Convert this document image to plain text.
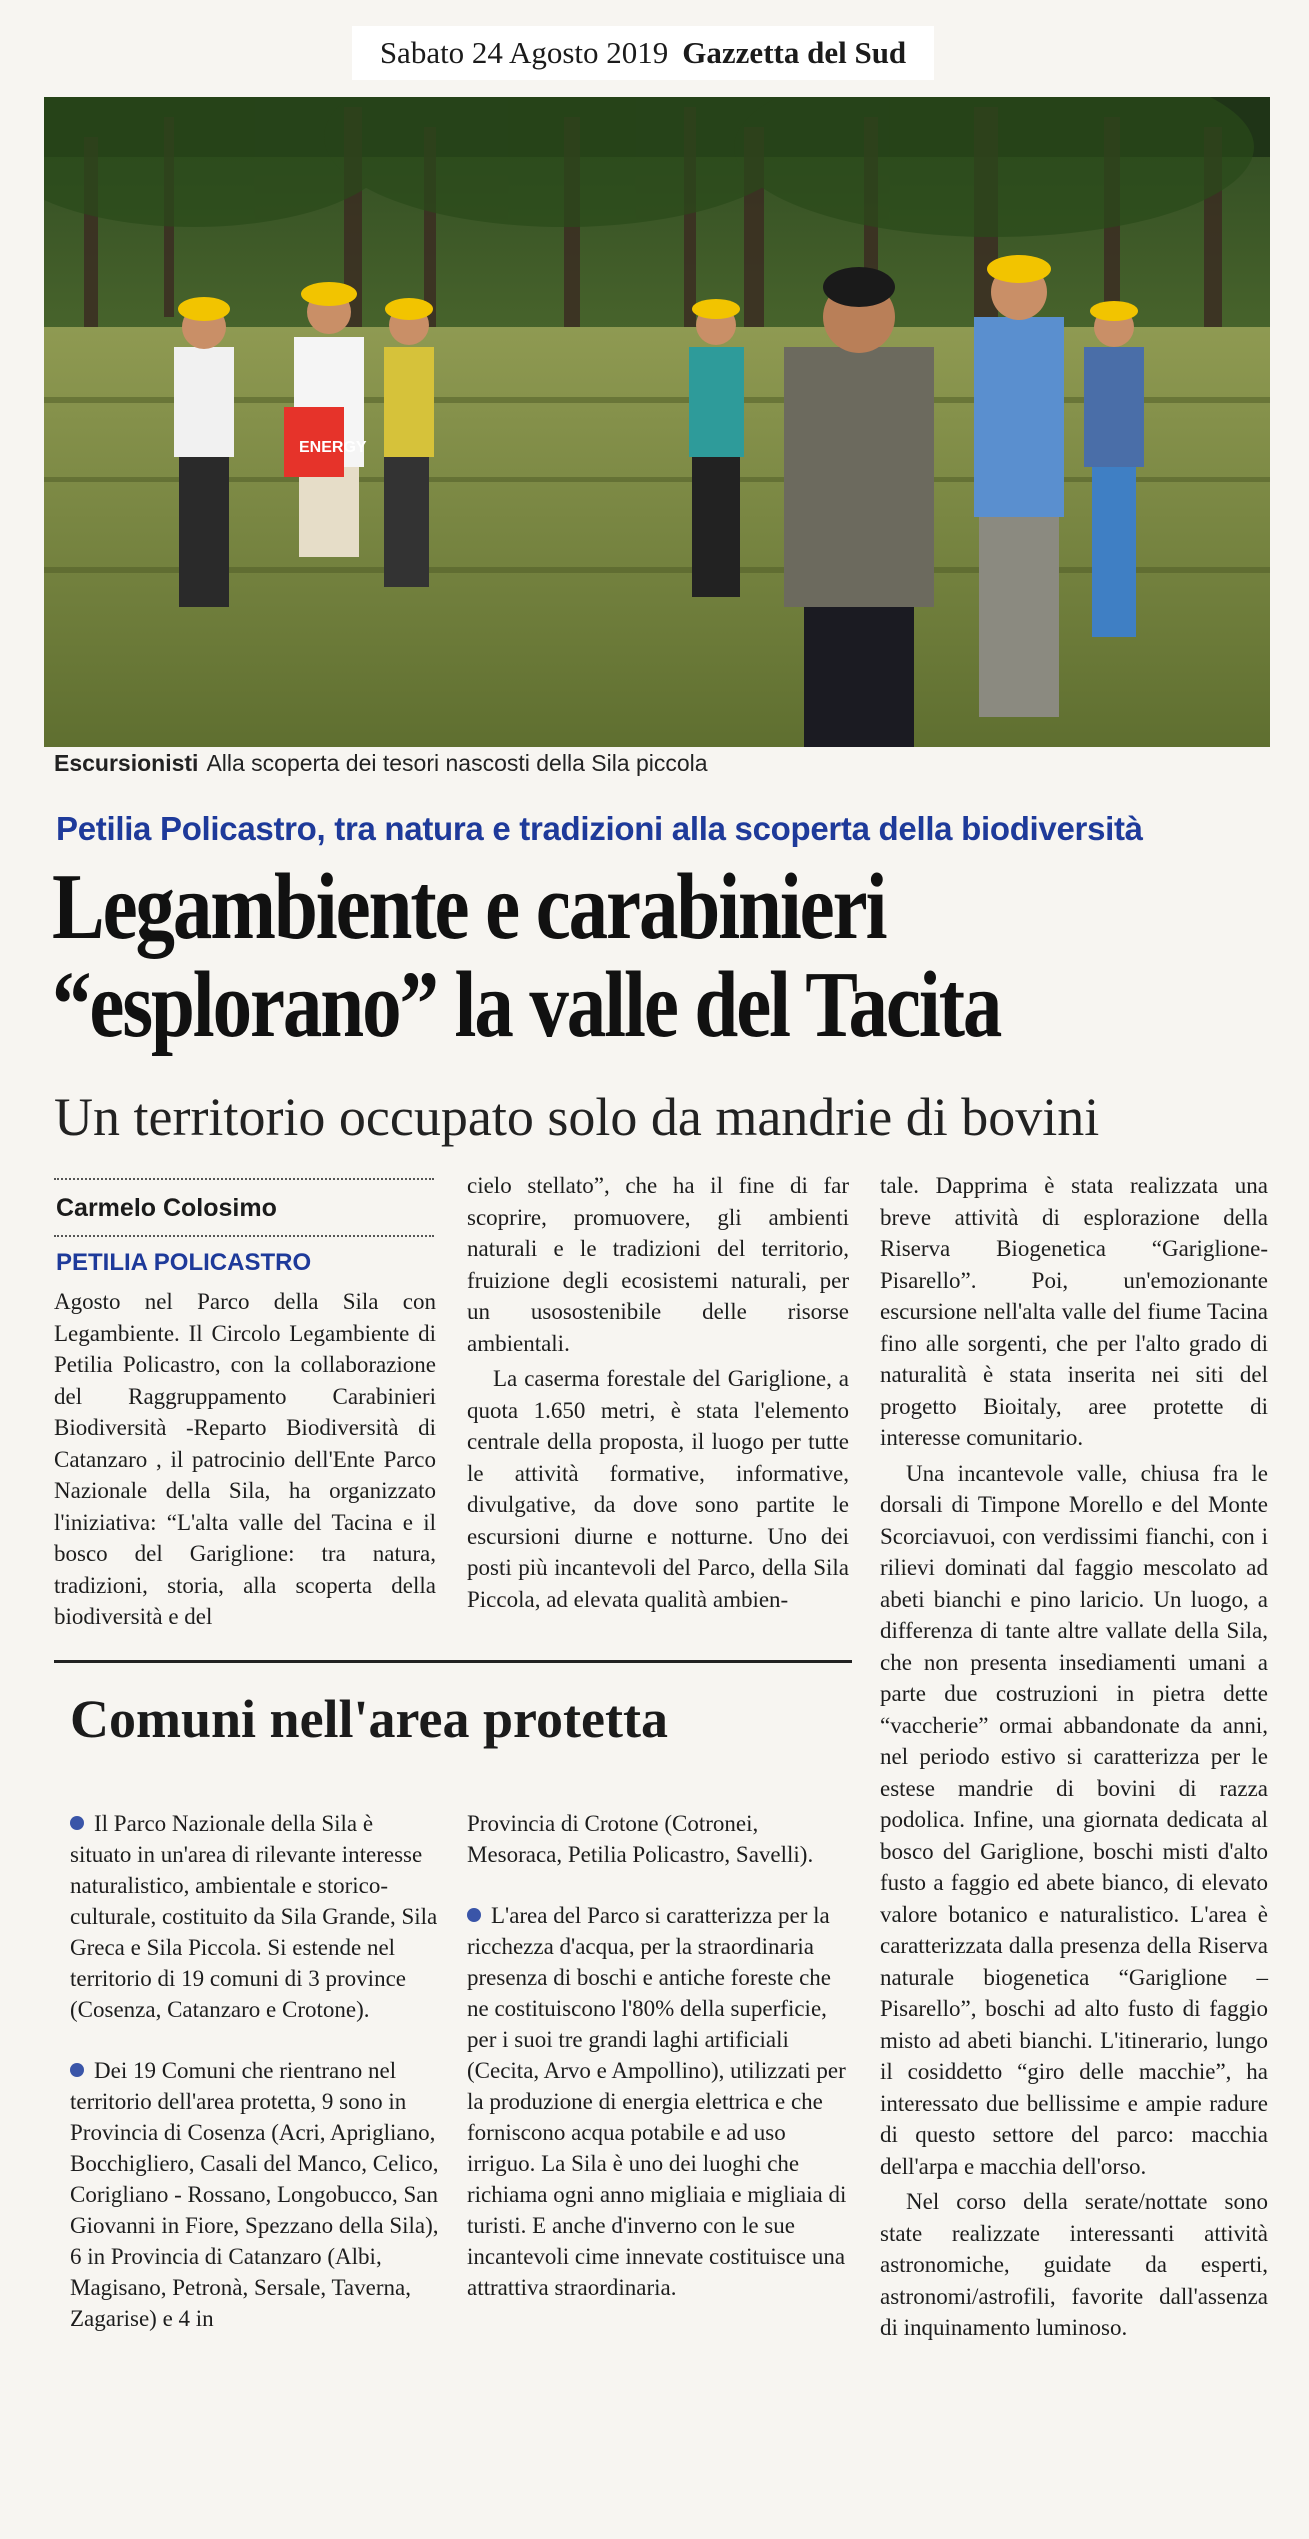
Sabato 24 Agosto 2019 Gazzetta del Sud
ENERGY
Escursionisti Alla scoperta dei tesori nascosti della Sila piccola
Petilia Policastro, tra natura e tradizioni alla scoperta della biodiversità
Legambiente e carabinieri
“esplorano” la valle del Tacita
Un territorio occupato solo da mandrie di bovini
Carmelo Colosimo
PETILIA POLICASTRO

Agosto nel Parco della Sila con Legambiente. Il Circolo Legambiente di Petilia Policastro, con la collaborazione del Raggruppamento Carabinieri Biodiversità -Reparto Biodiversità di Catanzaro , il patrocinio dell'Ente Parco Nazionale della Sila, ha organizzato l'iniziativa: “L'alta valle del Tacina e il bosco del Gariglione: tra natura, tradizioni, storia, alla scoperta della biodiversità e del

cielo stellato”, che ha il fine di far scoprire, promuovere, gli ambienti naturali e le tradizioni del territorio, fruizione degli ecosistemi naturali, per un usosostenibile delle risorse ambientali.

La caserma forestale del Gariglione, a quota 1.650 metri, è stata l'elemento centrale della proposta, il luogo per tutte le attività formative, informative, divulgative, da dove sono partite le escursioni diurne e notturne. Uno dei posti più incantevoli del Parco, della Sila Piccola, ad elevata qualità ambien-

tale. Dapprima è stata realizzata una breve attività di esplorazione della Riserva Biogenetica “Gariglione-Pisarello”. Poi, un'emozionante escursione nell'alta valle del fiume Tacina fino alle sorgenti, che per l'alto grado di naturalità è stata inserita nei siti del progetto Bioitaly, aree protette di interesse comunitario.

Una incantevole valle, chiusa fra le dorsali di Timpone Morello e del Monte Scorciavuoi, con verdissimi fianchi, con i rilievi dominati dal faggio mescolato ad abeti bianchi e pino laricio. Un luogo, a differenza di tante altre vallate della Sila, che non presenta insediamenti umani a parte due costruzioni in pietra dette “vaccherie” ormai abbandonate da anni, nel periodo estivo si caratterizza per le estese mandrie di bovini di razza podolica. Infine, una giornata dedicata al bosco del Gariglione, boschi misti d'alto fusto a faggio ed abete bianco, di elevato valore botanico e naturalistico. L'area è caratterizzata dalla presenza della Riserva naturale biogenetica “Gariglione – Pisarello”, boschi ad alto fusto di faggio misto ad abeti bianchi. L'itinerario, lungo il cosiddetto “giro delle macchie”, ha interessato due bellissime e ampie radure di questo settore del parco: macchia dell'arpa e macchia dell'orso.

Nel corso della serate/nottate sono state realizzate interessanti attività astronomiche, guidate da esperti, astronomi/astrofili, favorite dall'assenza di inquinamento luminoso.

Comuni nell'area protetta

Il Parco Nazionale della Sila è situato in un'area di rilevante interesse naturalistico, ambientale e storico-culturale, costituito da Sila Grande, Sila Greca e Sila Piccola. Si estende nel territorio di 19 comuni di 3 province (Cosenza, Catanzaro e Crotone).

Dei 19 Comuni che rientrano nel territorio dell'area protetta, 9 sono in Provincia di Cosenza (Acri, Aprigliano, Bocchigliero, Casali del Manco, Celico, Corigliano - Rossano, Longobucco, San Giovanni in Fiore, Spezzano della Sila), 6 in Provincia di Catanzaro (Albi, Magisano, Petronà, Sersale, Taverna, Zagarise) e 4 in

Provincia di Crotone (Cotronei, Mesoraca, Petilia Policastro, Savelli).

L'area del Parco si caratterizza per la ricchezza d'acqua, per la straordinaria presenza di boschi e antiche foreste che ne costituiscono l'80% della superficie, per i suoi tre grandi laghi artificiali (Cecita, Arvo e Ampollino), utilizzati per la produzione di energia elettrica e che forniscono acqua potabile e ad uso irriguo. La Sila è uno dei luoghi che richiama ogni anno migliaia e migliaia di turisti. E anche d'inverno con le sue incantevoli cime innevate costituisce una attrattiva straordinaria.
